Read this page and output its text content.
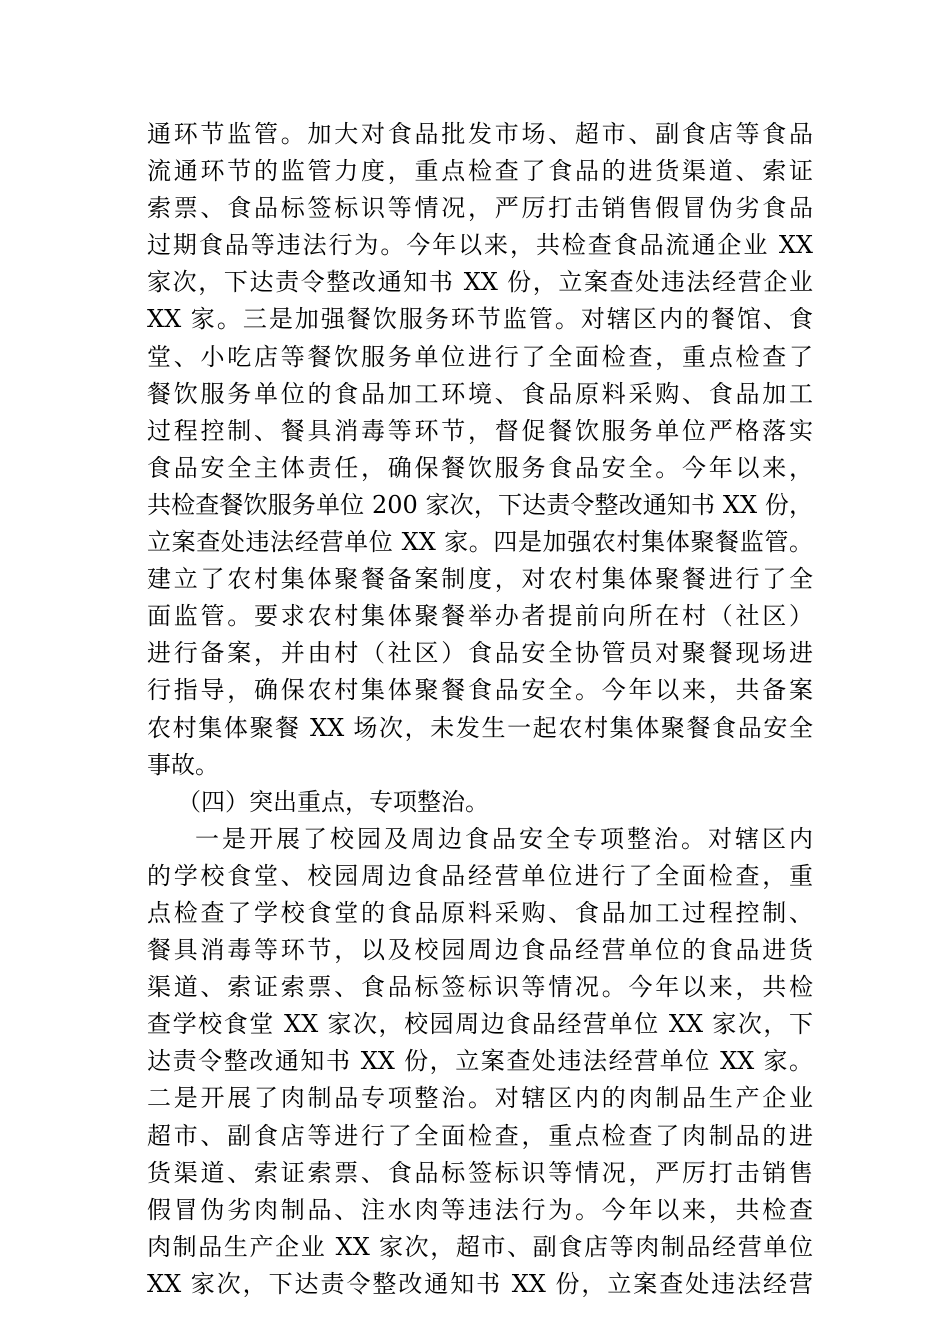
通环节监管。加大对食品批发市场、超市、副食店等食品
流通环节的监管力度，重点检查了食品的进货渠道、索证
索票、食品标签标识等情况，严厉打击销售假冒伪劣食品
过期食品等违法行为。今年以来，共检查食品流通企业 XX
家次，下达责令整改通知书 XX 份，立案查处违法经营企业
XX 家。三是加强餐饮服务环节监管。对辖区内的餐馆、食
堂、小吃店等餐饮服务单位进行了全面检查，重点检查了
餐饮服务单位的食品加工环境、食品原料采购、食品加工
过程控制、餐具消毒等环节，督促餐饮服务单位严格落实
食品安全主体责任，确保餐饮服务食品安全。今年以来，
共检查餐饮服务单位 200 家次，下达责令整改通知书 XX 份，
立案查处违法经营单位 XX 家。四是加强农村集体聚餐监管。
建立了农村集体聚餐备案制度，对农村集体聚餐进行了全
面监管。要求农村集体聚餐举办者提前向所在村（社区）
进行备案，并由村（社区）食品安全协管员对聚餐现场进
行指导，确保农村集体聚餐食品安全。今年以来，共备案
农村集体聚餐 XX 场次，未发生一起农村集体聚餐食品安全
事故。
（四）突出重点，专项整治。
一是开展了校园及周边食品安全专项整治。对辖区内
的学校食堂、校园周边食品经营单位进行了全面检查，重
点检查了学校食堂的食品原料采购、食品加工过程控制、
餐具消毒等环节，以及校园周边食品经营单位的食品进货
渠道、索证索票、食品标签标识等情况。今年以来，共检
查学校食堂 XX 家次，校园周边食品经营单位 XX 家次，下
达责令整改通知书 XX 份，立案查处违法经营单位 XX 家。
二是开展了肉制品专项整治。对辖区内的肉制品生产企业
超市、副食店等进行了全面检查，重点检查了肉制品的进
货渠道、索证索票、食品标签标识等情况，严厉打击销售
假冒伪劣肉制品、注水肉等违法行为。今年以来，共检查
肉制品生产企业 XX 家次，超市、副食店等肉制品经营单位
XX 家次，下达责令整改通知书 XX 份，立案查处违法经营
